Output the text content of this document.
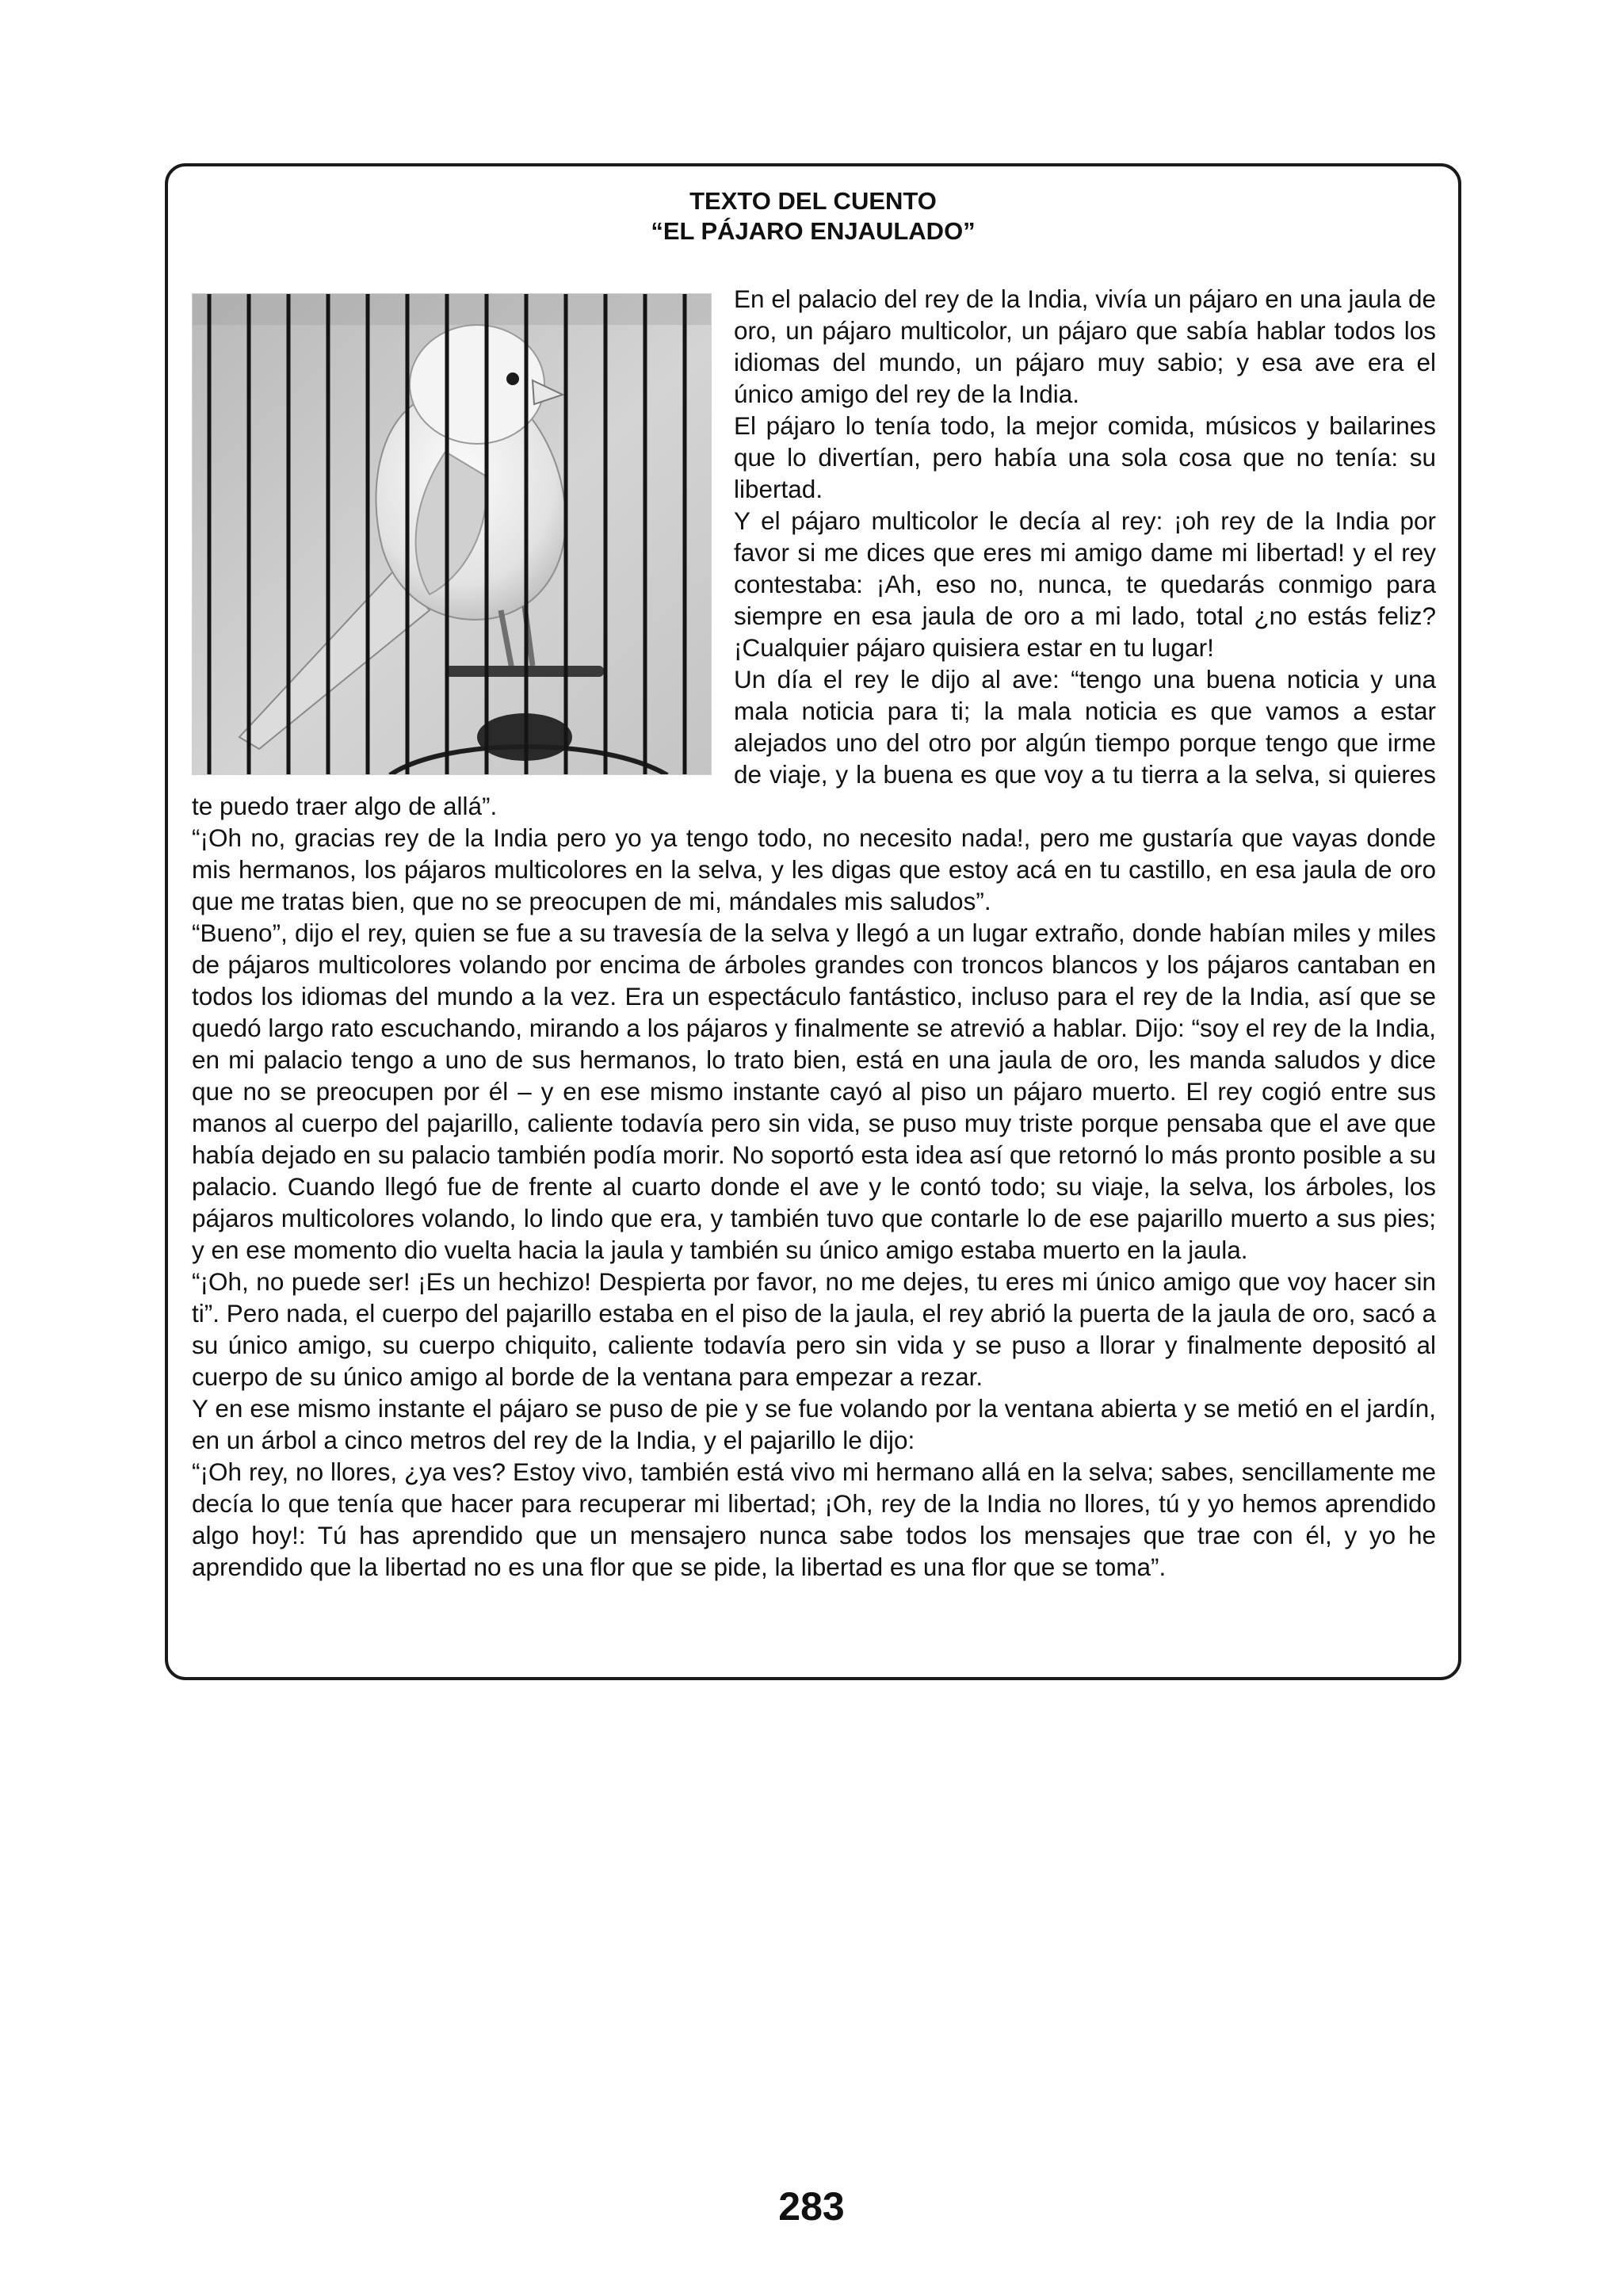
TEXTO DEL CUENTO
“EL PÁJARO ENJAULADO”

En el palacio del rey de la India, vivía un pájaro en una jaula de oro, un pájaro multicolor, un pájaro que sabía hablar todos los idiomas del mundo, un pájaro muy sabio; y esa ave era el único amigo del rey de la India.

El pájaro lo tenía todo, la mejor comida, músicos y bailarines que lo divertían, pero había una sola cosa que no tenía: su libertad.

Y el pájaro multicolor le decía al rey: ¡oh rey de la India por favor si me dices que eres mi amigo dame mi libertad! y el rey contestaba: ¡Ah, eso no, nunca, te quedarás conmigo para siempre en esa jaula de oro a mi lado, total ¿no estás feliz? ¡Cualquier pájaro quisiera estar en tu lugar!

Un día el rey le dijo al ave: “tengo una buena noticia y una mala noticia para ti; la mala noticia es que vamos a estar alejados uno del otro por algún tiempo porque tengo que irme de viaje, y la buena es que voy a tu tierra a la selva, si quieres te puedo traer algo de allá”.

“¡Oh no, gracias rey de la India pero yo ya tengo todo, no necesito nada!, pero me gustaría que vayas donde mis hermanos, los pájaros multicolores en la selva, y les digas que estoy acá en tu castillo, en esa jaula de oro que me tratas bien, que no se preocupen de mi, mándales mis saludos”.

“Bueno”, dijo el rey, quien se fue a su travesía de la selva y llegó a un lugar extraño, donde habían miles y miles de pájaros multicolores volando por encima de árboles grandes con troncos blancos y los pájaros cantaban en todos los idiomas del mundo a la vez. Era un espectáculo fantástico, incluso para el rey de la India, así que se quedó largo rato escuchando, mirando a los pájaros y finalmente se atrevió a hablar. Dijo: “soy el rey de la India, en mi palacio tengo a uno de sus hermanos, lo trato bien, está en una jaula de oro, les manda saludos y dice que no se preocupen por él – y en ese mismo instante cayó al piso un pájaro muerto. El rey cogió entre sus manos al cuerpo del pajarillo, caliente todavía pero sin vida, se puso muy triste porque pensaba que el ave que había dejado en su palacio también podía morir. No soportó esta idea así que retornó lo más pronto posible a su palacio. Cuando llegó fue de frente al cuarto donde el ave y le contó todo; su viaje, la selva, los árboles, los pájaros multicolores volando, lo lindo que era, y también tuvo que contarle lo de ese pajarillo muerto a sus pies; y en ese momento dio vuelta hacia la jaula y también su único amigo estaba muerto en la jaula.

“¡Oh, no puede ser! ¡Es un hechizo! Despierta por favor, no me dejes, tu eres mi único amigo que voy hacer sin ti”. Pero nada, el cuerpo del pajarillo estaba en el piso de la jaula, el rey abrió la puerta de la jaula de oro, sacó a su único amigo, su cuerpo chiquito, caliente todavía pero sin vida y se puso a llorar y finalmente depositó al cuerpo de su único amigo al borde de la ventana para empezar a rezar.

Y en ese mismo instante el pájaro se puso de pie y se fue volando por la ventana abierta y se metió en el jardín, en un árbol a cinco metros del rey de la India, y el pajarillo le dijo:

“¡Oh rey, no llores, ¿ya ves? Estoy vivo, también está vivo mi hermano allá en la selva; sabes, sencillamente me decía lo que tenía que hacer para recuperar mi libertad; ¡Oh, rey de la India no llores, tú y yo hemos aprendido algo hoy!: Tú has aprendido que un mensajero nunca sabe todos los mensajes que trae con él, y yo he aprendido que la libertad no es una flor que se pide, la libertad es una flor que se toma”.

283
